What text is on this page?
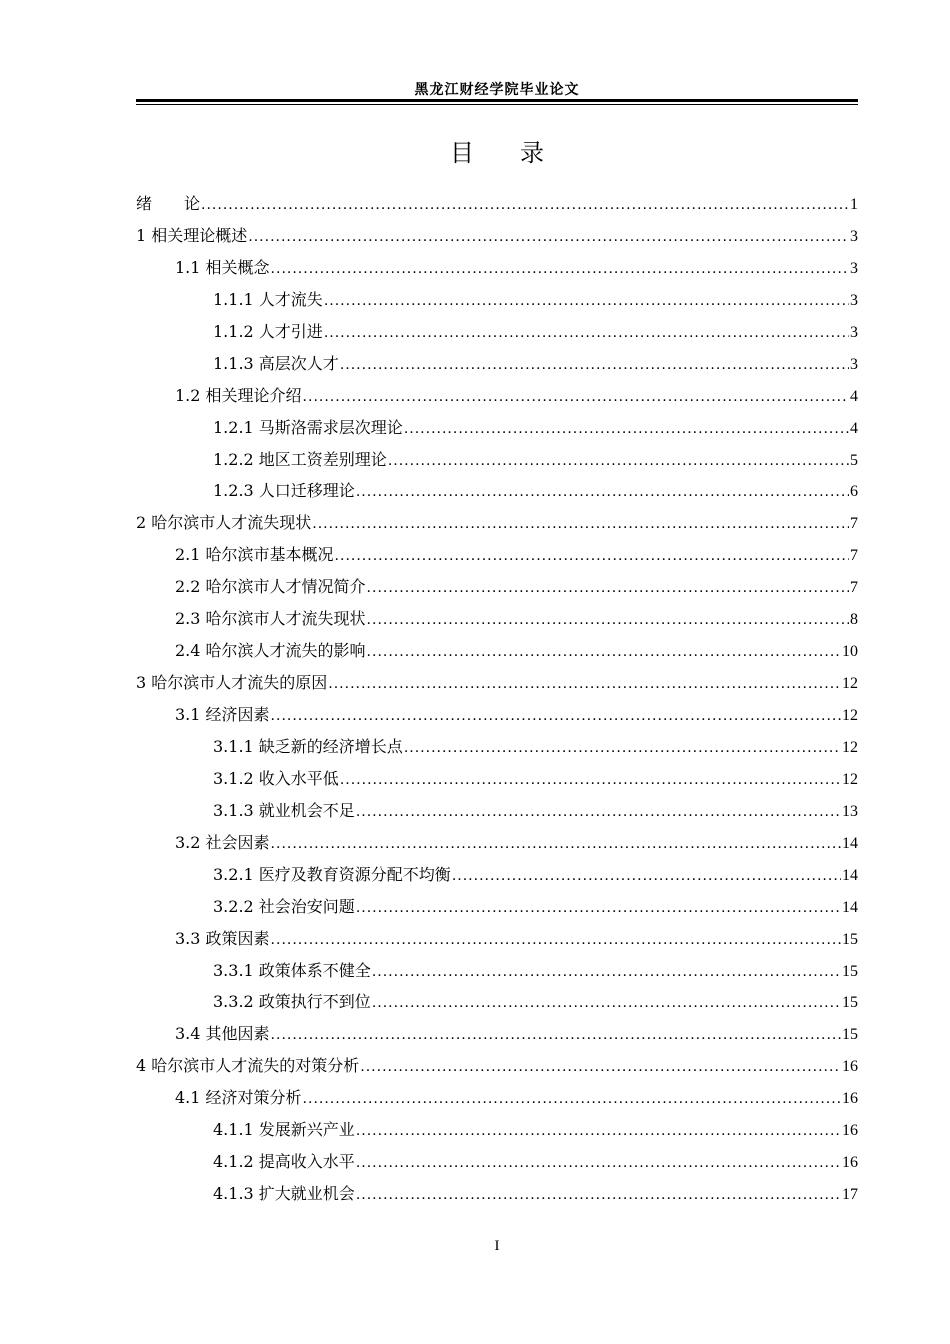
黑龙江财经学院毕业论文
目 录
绪　　论 .....	1
1 相关理论概述 .....	3
1.1 相关概念 .....	3
1.1.1 人才流失 .....	3
1.1.2 人才引进 .....	3
1.1.3 高层次人才 .....	3
1.2 相关理论介绍 .....	4
1.2.1 马斯洛需求层次理论 .....	4
1.2.2 地区工资差别理论 .....	5
1.2.3 人口迁移理论 .....	6
2 哈尔滨市人才流失现状 .....	7
2.1 哈尔滨市基本概况 .....	7
2.2 哈尔滨市人才情况简介 .....	7
2.3 哈尔滨市人才流失现状 .....	8
2.4 哈尔滨人才流失的影响 .....	10
3 哈尔滨市人才流失的原因 .....	12
3.1 经济因素 .....	12
3.1.1 缺乏新的经济增长点 .....	12
3.1.2 收入水平低 .....	12
3.1.3 就业机会不足 .....	13
3.2 社会因素 .....	14
3.2.1 医疗及教育资源分配不均衡 .....	14
3.2.2 社会治安问题 .....	14
3.3 政策因素 .....	15
3.3.1 政策体系不健全 .....	15
3.3.2 政策执行不到位 .....	15
3.4 其他因素 .....	15
4 哈尔滨市人才流失的对策分析 .....	16
4.1 经济对策分析 .....	16
4.1.1 发展新兴产业 .....	16
4.1.2 提高收入水平 .....	16
4.1.3 扩大就业机会 .....	17
I
